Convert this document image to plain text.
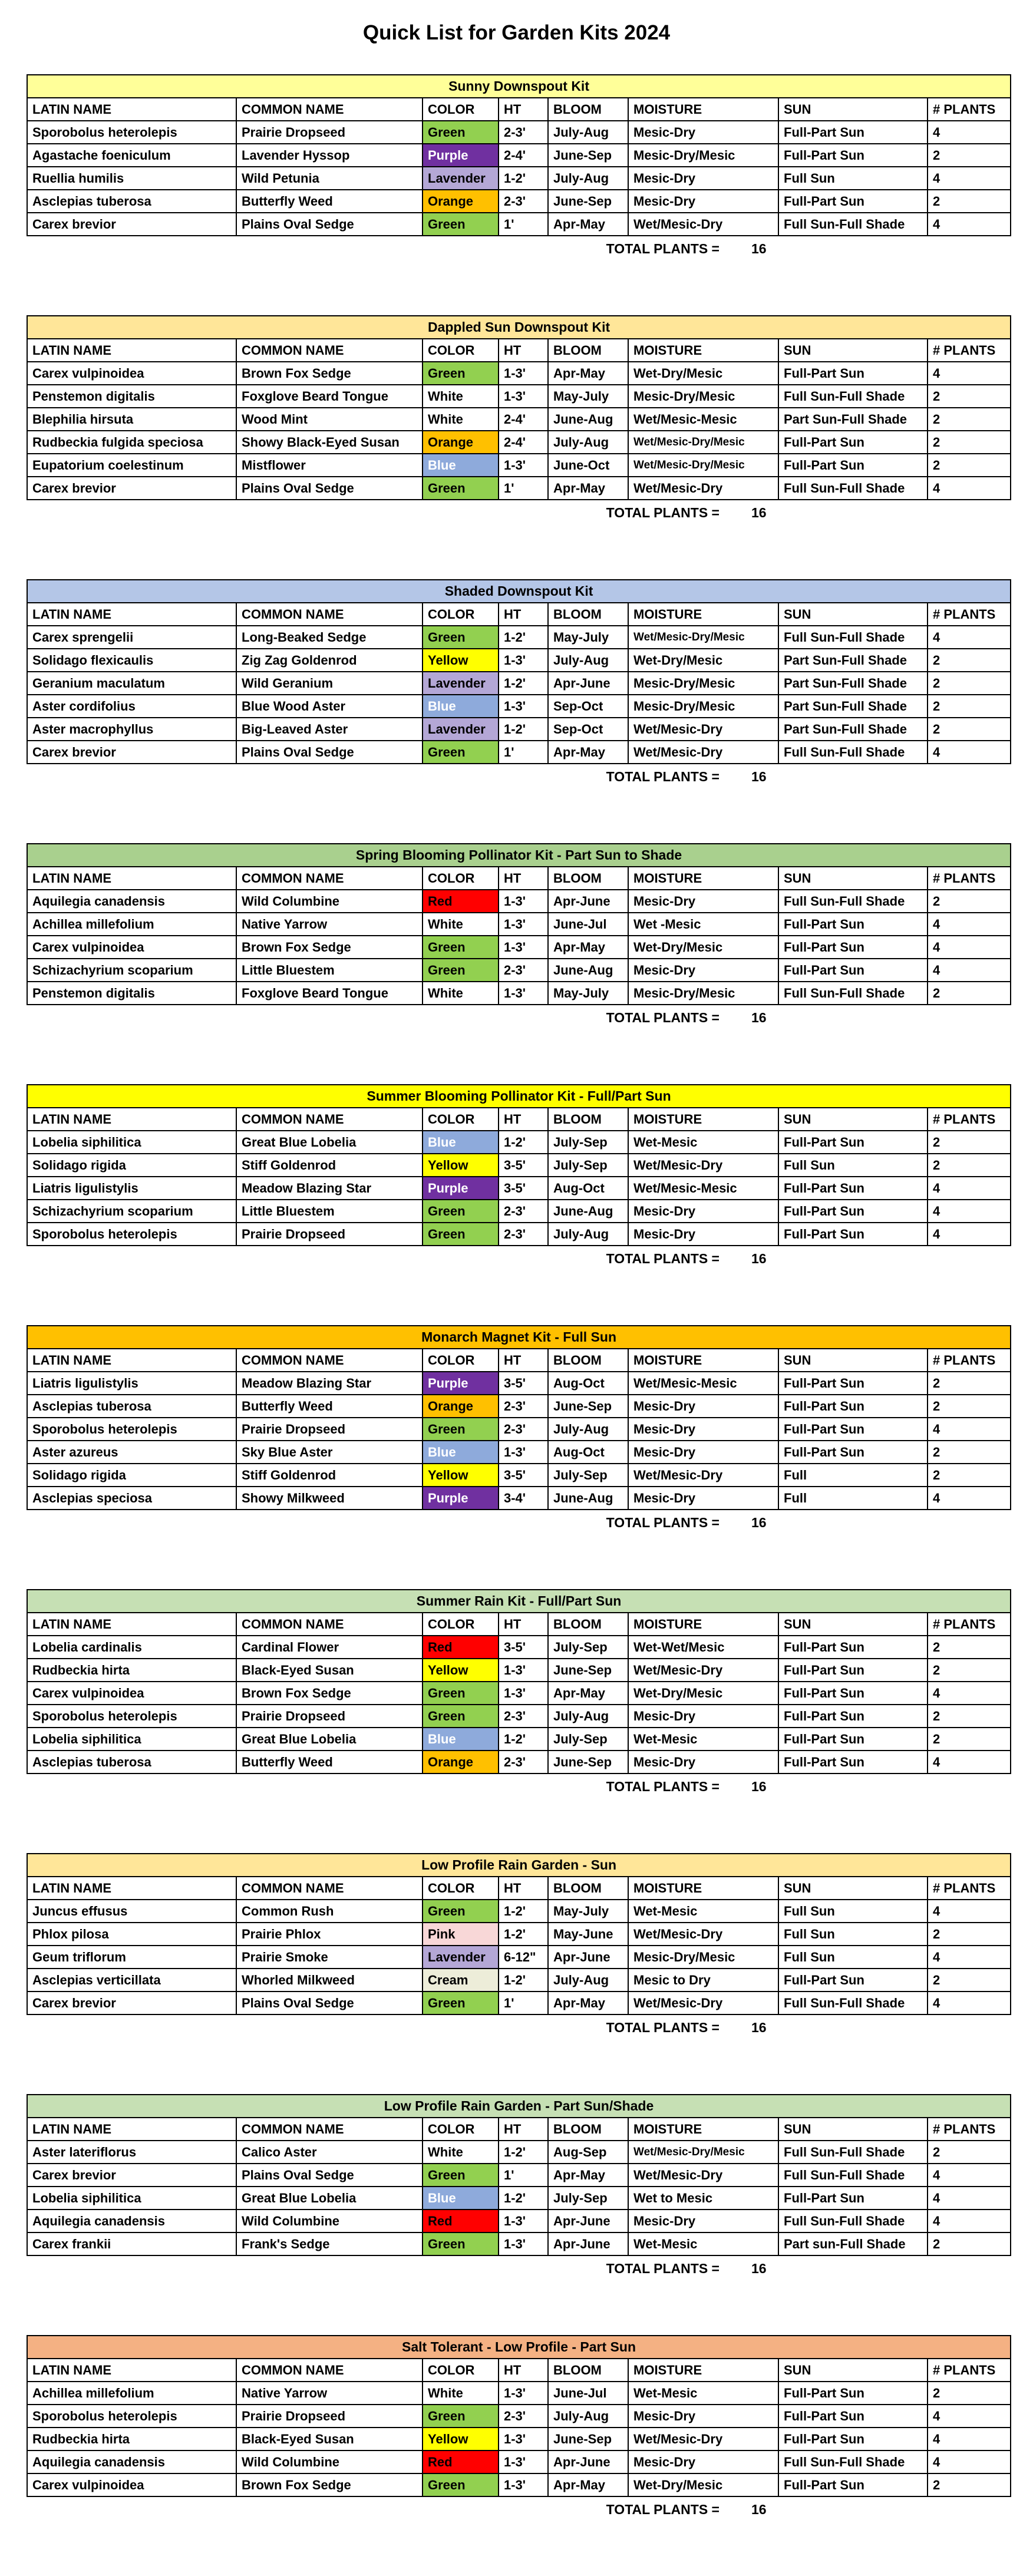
Quick List for Garden Kits 2024
Sunny Downspout Kit							
LATIN NAME	COMMON NAME	COLOR	HT	BLOOM	MOISTURE	SUN	# PLANTS
Sporobolus heterolepis	Prairie Dropseed	Green	2-3'	July-Aug	Mesic-Dry	Full-Part Sun	4
Agastache foeniculum	Lavender Hyssop	Purple	2-4'	June-Sep	Mesic-Dry/Mesic	Full-Part Sun	2
Ruellia humilis	Wild Petunia	Lavender	1-2'	July-Aug	Mesic-Dry	Full Sun	4
Asclepias tuberosa	Butterfly Weed	Orange	2-3'	June-Sep	Mesic-Dry	Full-Part Sun	2
Carex brevior	Plains Oval Sedge	Green	1'	Apr-May	Wet/Mesic-Dry	Full Sun-Full Shade	4
TOTAL PLANTS =	16
Dappled Sun Downspout Kit							
LATIN NAME	COMMON NAME	COLOR	HT	BLOOM	MOISTURE	SUN	# PLANTS
Carex vulpinoidea	Brown Fox Sedge	Green	1-3'	Apr-May	Wet-Dry/Mesic	Full-Part Sun	4
Penstemon digitalis	Foxglove Beard Tongue	White	1-3'	May-July	Mesic-Dry/Mesic	Full Sun-Full Shade	2
Blephilia hirsuta	Wood Mint	White	2-4'	June-Aug	Wet/Mesic-Mesic	Part Sun-Full Shade	2
Rudbeckia fulgida speciosa	Showy Black-Eyed Susan	Orange	2-4'	July-Aug	Wet/Mesic-Dry/Mesic	Full-Part Sun	2
Eupatorium coelestinum	Mistflower	Blue	1-3'	June-Oct	Wet/Mesic-Dry/Mesic	Full-Part Sun	2
Carex brevior	Plains Oval Sedge	Green	1'	Apr-May	Wet/Mesic-Dry	Full Sun-Full Shade	4
TOTAL PLANTS =	16
Shaded Downspout Kit							
LATIN NAME	COMMON NAME	COLOR	HT	BLOOM	MOISTURE	SUN	# PLANTS
Carex sprengelii	Long-Beaked Sedge	Green	1-2'	May-July	Wet/Mesic-Dry/Mesic	Full Sun-Full Shade	4
Solidago flexicaulis	Zig Zag Goldenrod	Yellow	1-3'	July-Aug	Wet-Dry/Mesic	Part Sun-Full Shade	2
Geranium maculatum	Wild Geranium	Lavender	1-2'	Apr-June	Mesic-Dry/Mesic	Part Sun-Full Shade	2
Aster cordifolius	Blue Wood Aster	Blue	1-3'	Sep-Oct	Mesic-Dry/Mesic	Part Sun-Full Shade	2
Aster macrophyllus	Big-Leaved Aster	Lavender	1-2'	Sep-Oct	Wet/Mesic-Dry	Part Sun-Full Shade	2
Carex brevior	Plains Oval Sedge	Green	1'	Apr-May	Wet/Mesic-Dry	Full Sun-Full Shade	4
TOTAL PLANTS =	16
Spring Blooming Pollinator Kit - Part Sun to Shade							
LATIN NAME	COMMON NAME	COLOR	HT	BLOOM	MOISTURE	SUN	# PLANTS
Aquilegia canadensis	Wild Columbine	Red	1-3'	Apr-June	Mesic-Dry	Full Sun-Full Shade	2
Achillea millefolium	Native Yarrow	White	1-3'	June-Jul	Wet -Mesic	Full-Part Sun	4
Carex vulpinoidea	Brown Fox Sedge	Green	1-3'	Apr-May	Wet-Dry/Mesic	Full-Part Sun	4
Schizachyrium scoparium	Little Bluestem	Green	2-3'	June-Aug	Mesic-Dry	Full-Part Sun	4
Penstemon digitalis	Foxglove Beard Tongue	White	1-3'	May-July	Mesic-Dry/Mesic	Full Sun-Full Shade	2
TOTAL PLANTS =	16
Summer Blooming Pollinator Kit - Full/Part Sun							
LATIN NAME	COMMON NAME	COLOR	HT	BLOOM	MOISTURE	SUN	# PLANTS
Lobelia siphilitica	Great Blue Lobelia	Blue	1-2'	July-Sep	Wet-Mesic	Full-Part Sun	2
Solidago rigida	Stiff Goldenrod	Yellow	3-5'	July-Sep	Wet/Mesic-Dry	Full Sun	2
Liatris ligulistylis	Meadow Blazing Star	Purple	3-5'	Aug-Oct	Wet/Mesic-Mesic	Full-Part Sun	4
Schizachyrium scoparium	Little Bluestem	Green	2-3'	June-Aug	Mesic-Dry	Full-Part Sun	4
Sporobolus heterolepis	Prairie Dropseed	Green	2-3'	July-Aug	Mesic-Dry	Full-Part Sun	4
TOTAL PLANTS =	16
Monarch Magnet Kit - Full Sun							
LATIN NAME	COMMON NAME	COLOR	HT	BLOOM	MOISTURE	SUN	# PLANTS
Liatris ligulistylis	Meadow Blazing Star	Purple	3-5'	Aug-Oct	Wet/Mesic-Mesic	Full-Part Sun	2
Asclepias tuberosa	Butterfly Weed	Orange	2-3'	June-Sep	Mesic-Dry	Full-Part Sun	2
Sporobolus heterolepis	Prairie Dropseed	Green	2-3'	July-Aug	Mesic-Dry	Full-Part Sun	4
Aster azureus	Sky Blue Aster	Blue	1-3'	Aug-Oct	Mesic-Dry	Full-Part Sun	2
Solidago rigida	Stiff Goldenrod	Yellow	3-5'	July-Sep	Wet/Mesic-Dry	Full	2
Asclepias speciosa	Showy Milkweed	Purple	3-4'	June-Aug	Mesic-Dry	Full	4
TOTAL PLANTS =	16
Summer Rain Kit - Full/Part Sun							
LATIN NAME	COMMON NAME	COLOR	HT	BLOOM	MOISTURE	SUN	# PLANTS
Lobelia cardinalis	Cardinal Flower	Red	3-5'	July-Sep	Wet-Wet/Mesic	Full-Part Sun	2
Rudbeckia hirta	Black-Eyed Susan	Yellow	1-3'	June-Sep	Wet/Mesic-Dry	Full-Part Sun	2
Carex vulpinoidea	Brown Fox Sedge	Green	1-3'	Apr-May	Wet-Dry/Mesic	Full-Part Sun	4
Sporobolus heterolepis	Prairie Dropseed	Green	2-3'	July-Aug	Mesic-Dry	Full-Part Sun	2
Lobelia siphilitica	Great Blue Lobelia	Blue	1-2'	July-Sep	Wet-Mesic	Full-Part Sun	2
Asclepias tuberosa	Butterfly Weed	Orange	2-3'	June-Sep	Mesic-Dry	Full-Part Sun	4
TOTAL PLANTS =	16
Low Profile Rain Garden - Sun							
LATIN NAME	COMMON NAME	COLOR	HT	BLOOM	MOISTURE	SUN	# PLANTS
Juncus effusus	Common Rush	Green	1-2'	May-July	Wet-Mesic	Full Sun	4
Phlox pilosa	Prairie Phlox	Pink	1-2'	May-June	Wet/Mesic-Dry	Full Sun	2
Geum triflorum	Prairie Smoke	Lavender	6-12"	Apr-June	Mesic-Dry/Mesic	Full Sun	4
Asclepias verticillata	Whorled Milkweed	Cream	1-2'	July-Aug	Mesic to Dry	Full-Part Sun	2
Carex brevior	Plains Oval Sedge	Green	1'	Apr-May	Wet/Mesic-Dry	Full Sun-Full Shade	4
TOTAL PLANTS =	16
Low Profile Rain Garden - Part Sun/Shade							
LATIN NAME	COMMON NAME	COLOR	HT	BLOOM	MOISTURE	SUN	# PLANTS
Aster lateriflorus	Calico Aster	White	1-2'	Aug-Sep	Wet/Mesic-Dry/Mesic	Full Sun-Full Shade	2
Carex brevior	Plains Oval Sedge	Green	1'	Apr-May	Wet/Mesic-Dry	Full Sun-Full Shade	4
Lobelia siphilitica	Great Blue Lobelia	Blue	1-2'	July-Sep	Wet to Mesic	Full-Part Sun	4
Aquilegia canadensis	Wild Columbine	Red	1-3'	Apr-June	Mesic-Dry	Full Sun-Full Shade	4
Carex frankii	Frank's Sedge	Green	1-3'	Apr-June	Wet-Mesic	Part sun-Full Shade	2
TOTAL PLANTS =	16
Salt Tolerant - Low Profile - Part Sun							
LATIN NAME	COMMON NAME	COLOR	HT	BLOOM	MOISTURE	SUN	# PLANTS
Achillea millefolium	Native Yarrow	White	1-3'	June-Jul	Wet-Mesic	Full-Part Sun	2
Sporobolus heterolepis	Prairie Dropseed	Green	2-3'	July-Aug	Mesic-Dry	Full-Part Sun	4
Rudbeckia hirta	Black-Eyed Susan	Yellow	1-3'	June-Sep	Wet/Mesic-Dry	Full-Part Sun	4
Aquilegia canadensis	Wild Columbine	Red	1-3'	Apr-June	Mesic-Dry	Full Sun-Full Shade	4
Carex vulpinoidea	Brown Fox Sedge	Green	1-3'	Apr-May	Wet-Dry/Mesic	Full-Part Sun	2
TOTAL PLANTS =	16
